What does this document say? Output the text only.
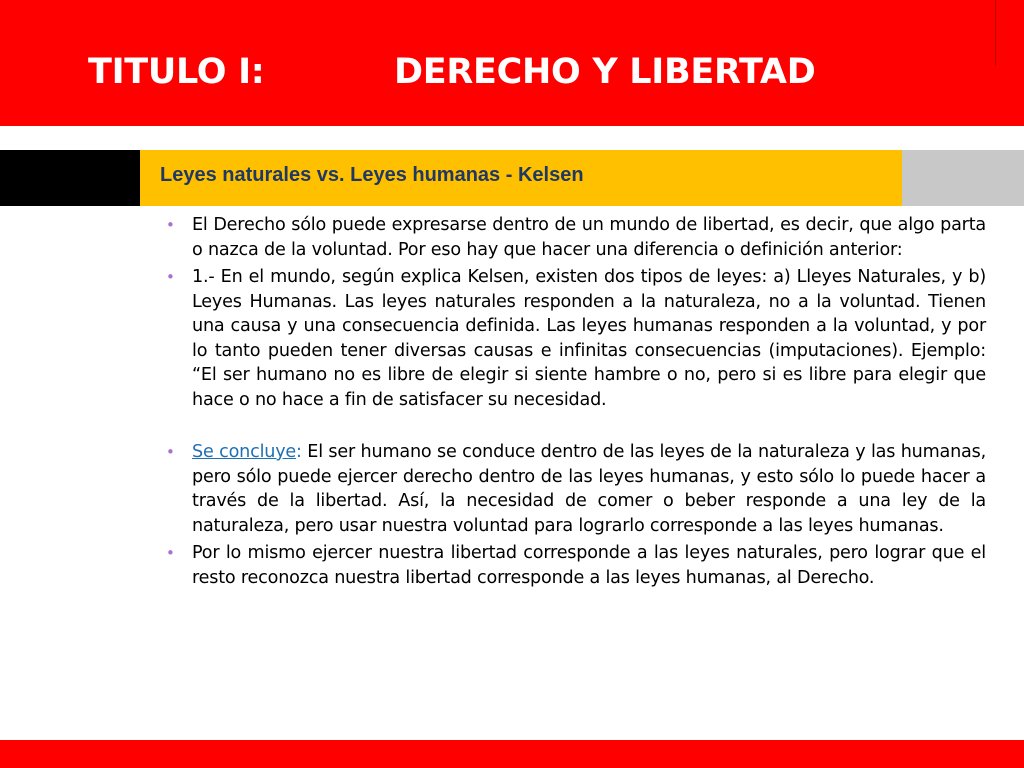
TITULO I:	DERECHO Y LIBERTAD
Leyes naturales vs. Leyes humanas - Kelsen

• El Derecho sólo puede expresarse dentro de un mundo de libertad, es decir, que algo parta o nazca de la voluntad. Por eso hay que hacer una diferencia o definición anterior:

• 1.- En el mundo, según explica Kelsen, existen dos tipos de leyes: a) Lleyes Naturales, y b) Leyes Humanas. Las leyes naturales responden a la naturaleza, no a la voluntad. Tienen una causa y una consecuencia definida. Las leyes humanas responden a la voluntad, y por lo tanto pueden tener diversas causas e infinitas consecuencias (imputaciones). Ejemplo: “El ser humano no es libre de elegir si siente hambre o no, pero si es libre para elegir que hace o no hace a fin de satisfacer su necesidad.

• Se concluye: El ser humano se conduce dentro de las leyes de la naturaleza y las humanas, pero sólo puede ejercer derecho dentro de las leyes humanas, y esto sólo lo puede hacer a través de la libertad. Así, la necesidad de comer o beber responde a una ley de la naturaleza, pero usar nuestra voluntad para lograrlo corresponde a las leyes humanas.

• Por lo mismo ejercer nuestra libertad corresponde a las leyes naturales, pero lograr que el resto reconozca nuestra libertad corresponde a las leyes humanas, al Derecho.
